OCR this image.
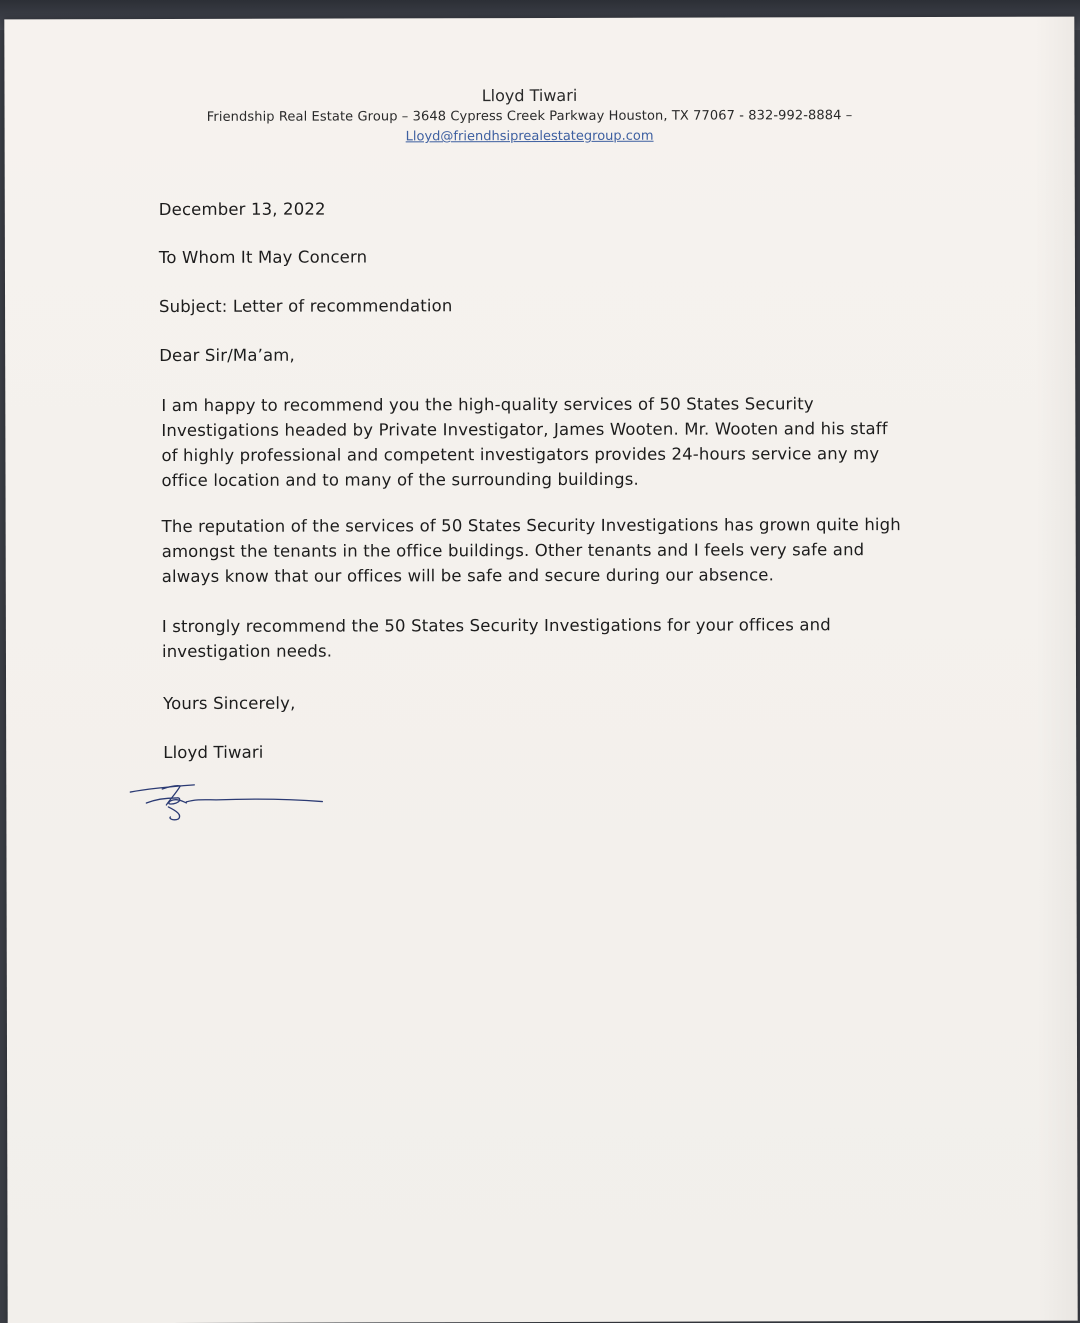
Lloyd Tiwari
Friendship Real Estate Group – 3648 Cypress Creek Parkway Houston, TX 77067 - 832-992-8884 –
Lloyd@friendhsiprealestategroup.com
December 13, 2022
To Whom It May Concern
Subject: Letter of recommendation
Dear Sir/Ma’am,
I am happy to recommend you the high-quality services of 50 States Security
Investigations headed by Private Investigator, James Wooten. Mr. Wooten and his staff
of highly professional and competent investigators provides 24-hours service any my
office location and to many of the surrounding buildings.
The reputation of the services of 50 States Security Investigations has grown quite high
amongst the tenants in the office buildings. Other tenants and I feels very safe and
always know that our offices will be safe and secure during our absence.
I strongly recommend the 50 States Security Investigations for your offices and
investigation needs.
Yours Sincerely,
Lloyd Tiwari
